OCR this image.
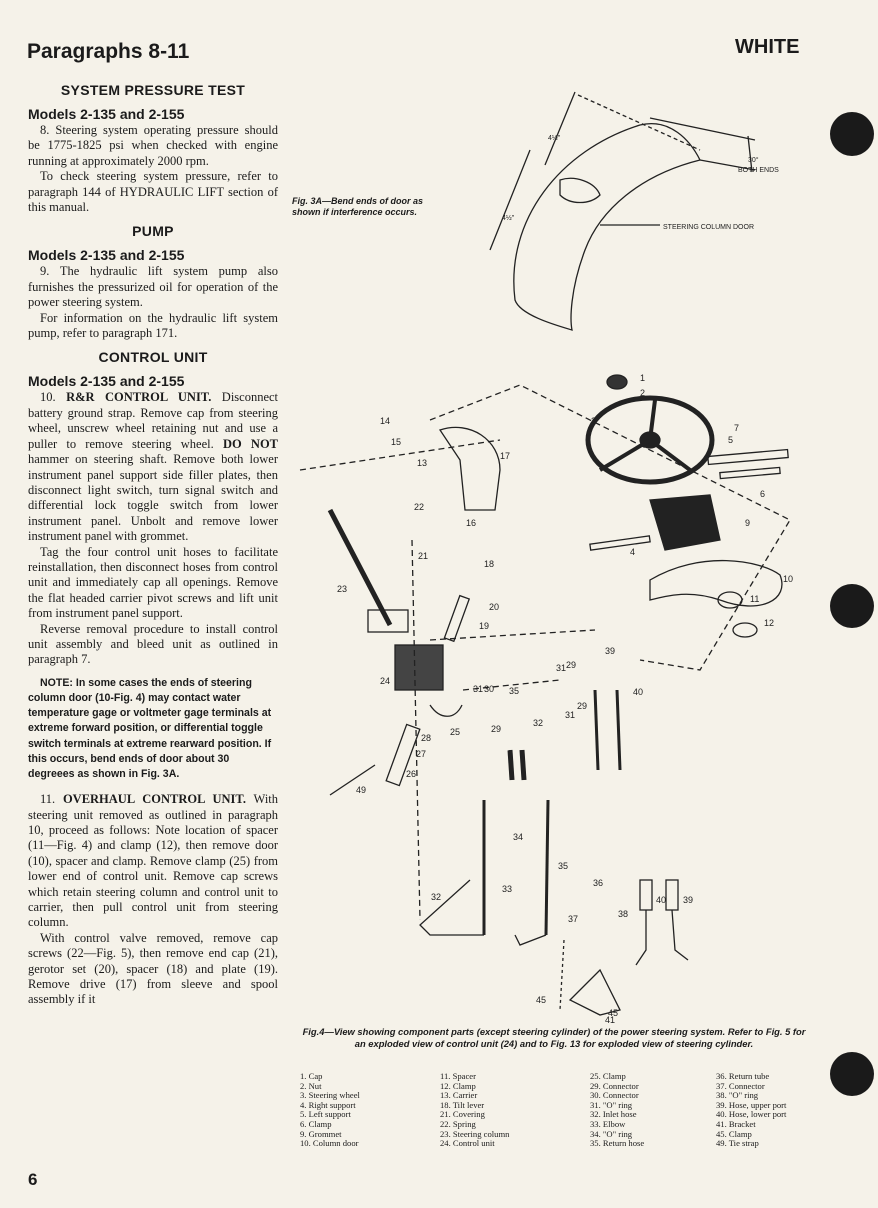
Paragraphs 8-11	WHITE
SYSTEM PRESSURE TEST
Models 2-135 and 2-155

8. Steering system operating pressure should be 1775-1825 psi when checked with engine running at approximately 2000 rpm.

To check steering system pressure, refer to paragraph 144 of HYDRAULIC LIFT section of this manual.

PUMP
Models 2-135 and 2-155

9. The hydraulic lift system pump also furnishes the pressurized oil for operation of the power steering system.

For information on the hydraulic lift system pump, refer to paragraph 171.

CONTROL UNIT
Models 2-135 and 2-155

10. R&R CONTROL UNIT. Disconnect battery ground strap. Remove cap from steering wheel, unscrew wheel retaining nut and use a puller to remove steering wheel. DO NOT hammer on steering shaft. Remove both lower instrument panel support side filler plates, then disconnect light switch, turn signal switch and differential lock toggle switch from lower instrument panel. Unbolt and remove lower instrument panel with grommet.

Tag the four control unit hoses to facilitate reinstallation, then disconnect hoses from control unit and immediately cap all openings. Remove the flat headed carrier pivot screws and lift unit from instrument panel support.

Reverse removal procedure to install control unit assembly and bleed unit as outlined in paragraph 7.

NOTE: In some cases the ends of steering column door (10-Fig. 4) may contact water temperature gage or voltmeter gage terminals at extreme forward position, or differential toggle switch terminals at extreme rearward position. If this occurs, bend ends of door about 30 degreees as shown in Fig. 3A.

11. OVERHAUL CONTROL UNIT. With steering unit removed as outlined in paragraph 10, proceed as follows: Note location of spacer (11—Fig. 4) and clamp (12), then remove door (10), spacer and clamp. Remove clamp (25) from lower end of control unit. Remove cap screws which retain steering column and control unit to carrier, then pull control unit from steering column.

With control valve removed, remove cap screws (22—Fig. 5), then remove end cap (21), gerotor set (20), spacer (18) and plate (19). Remove drive (17) from sleeve and spool assembly if it

Fig. 3A—Bend ends of door as shown if interference occurs.
4½"
4½"
30°
BOTH ENDS
STEERING COLUMN DOOR
1
2
3
4
5
6
7
9
10
11
12
13
14
15
16
17
18
19
20
21
22
23
24
25
26
27
28
29
29
29
30
31
31
31
32
32
33
34
35
35
36
37	38
39
39
40
40
41
45
45
49
Fig.4—View showing component parts (except steering cylinder) of the power steering system. Refer to Fig. 5 for an exploded view of control unit (24) and to Fig. 13 for exploded view of steering cylinder.
1. Cap
2. Nut
3. Steering wheel
4. Right support
5. Left support
6. Clamp
9. Grommet
10. Column door
11. Spacer
12. Clamp
13. Carrier
18. Tilt lever
21. Covering
22. Spring
23. Steering column
24. Control unit
25. Clamp
29. Connector
30. Connector
31. "O" ring
32. Inlet hose
33. Elbow
34. "O" ring
35. Return hose
36. Return tube
37. Connector
38. "O" ring
39. Hose, upper port
40. Hose, lower port
41. Bracket
45. Clamp
49. Tie strap
6
